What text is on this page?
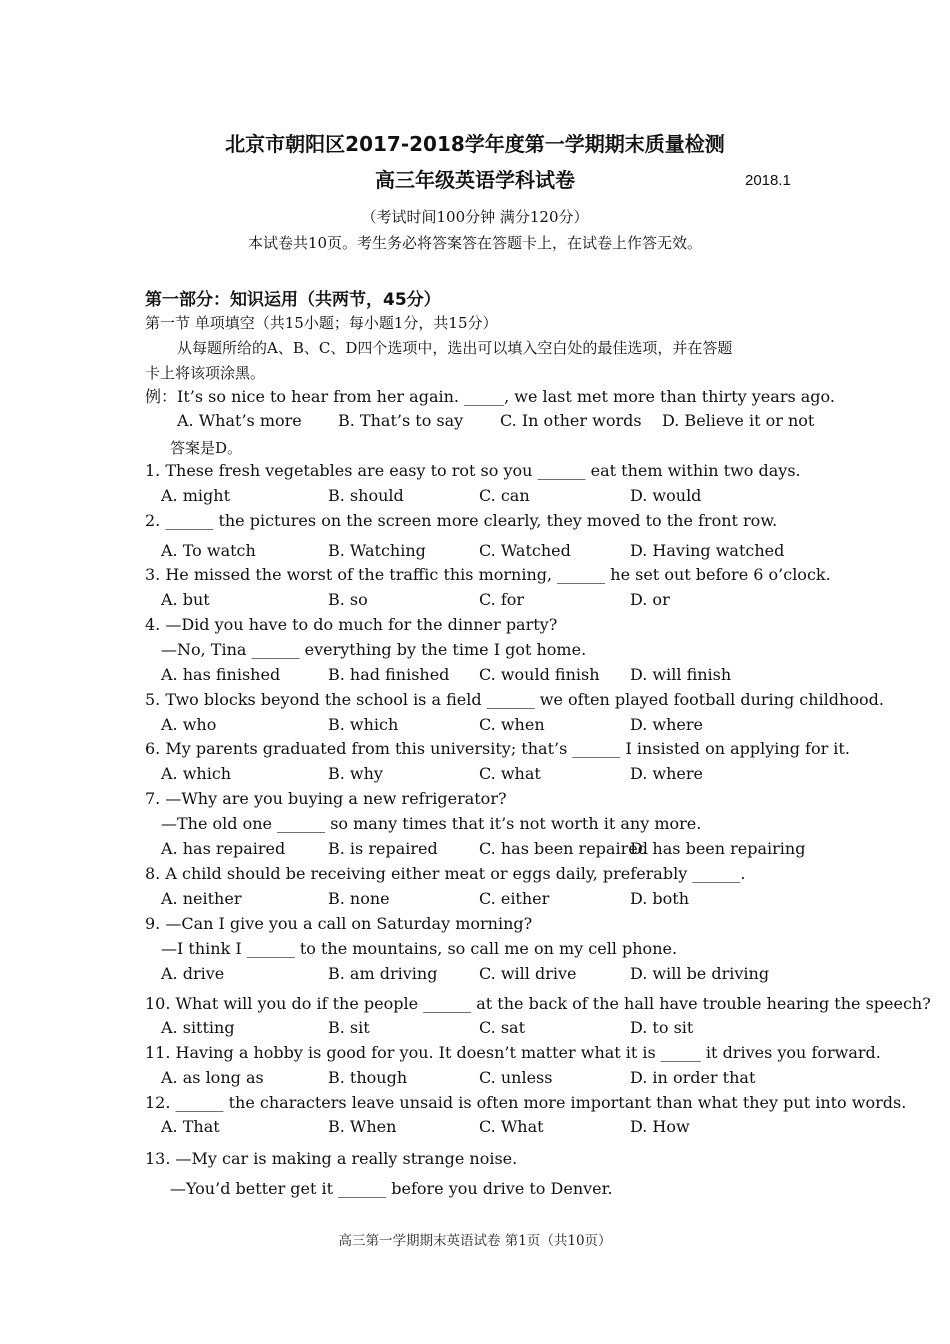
北京市朝阳区2017-2018学年度第一学期期末质量检测
高三年级英语学科试卷	2018.1
（考试时间100分钟 满分120分）
本试卷共10页。考生务必将答案答在答题卡上，在试卷上作答无效。
第一部分：知识运用（共两节，45分）
第一节 单项填空（共15小题；每小题1分，共15分）
从每题所给的A、B、C、D四个选项中，选出可以填入空白处的最佳选项，并在答题
卡上将该项涂黑。
例：It’s so nice to hear from her again. _____, we last met more than thirty years ago.
A. What’s more B. That’s to say C. In other words D. Believe it or not
答案是D。
1. These fresh vegetables are easy to rot so you ______ eat them within two days.
A. might	B. should	C. can	D. would
2. ______ the pictures on the screen more clearly, they moved to the front row.
A. To watch	B. Watching	C. Watched	D. Having watched
3. He missed the worst of the traffic this morning, ______ he set out before 6 o’clock.
A. but	B. so	C. for	D. or
4. —Did you have to do much for the dinner party?
—No, Tina ______ everything by the time I got home.
A. has finished	B. had finished C. would finish D. will finish
5. Two blocks beyond the school is a field ______ we often played football during childhood.
A. who	B. which	C. when	D. where
6. My parents graduated from this university; that’s ______ I insisted on applying for it.
A. which	B. why	C. what	D. where
7. —Why are you buying a new refrigerator?
—The old one ______ so many times that it’s not worth it any more.
A. has repaired	B. is repaired	C. has been repaired
D. has been repairing
8. A child should be receiving either meat or eggs daily, preferably ______.
A. neither	B. none	C. either	D. both
9. —Can I give you a call on Saturday morning?
—I think I ______ to the mountains, so call me on my cell phone.
A. drive	B. am driving	C. will drive	D. will be driving
10. What will you do if the people ______ at the back of the hall have trouble hearing the speech?
A. sitting	B. sit	C. sat	D. to sit
11. Having a hobby is good for you. It doesn’t matter what it is _____ it drives you forward.
A. as long as	B. though	C. unless	D. in order that
12. ______ the characters leave unsaid is often more important than what they put into words.
A. That	B. When	C. What	D. How
13. —My car is making a really strange noise.
—You’d better get it ______ before you drive to Denver.
高三第一学期期末英语试卷 第1页（共10页）
